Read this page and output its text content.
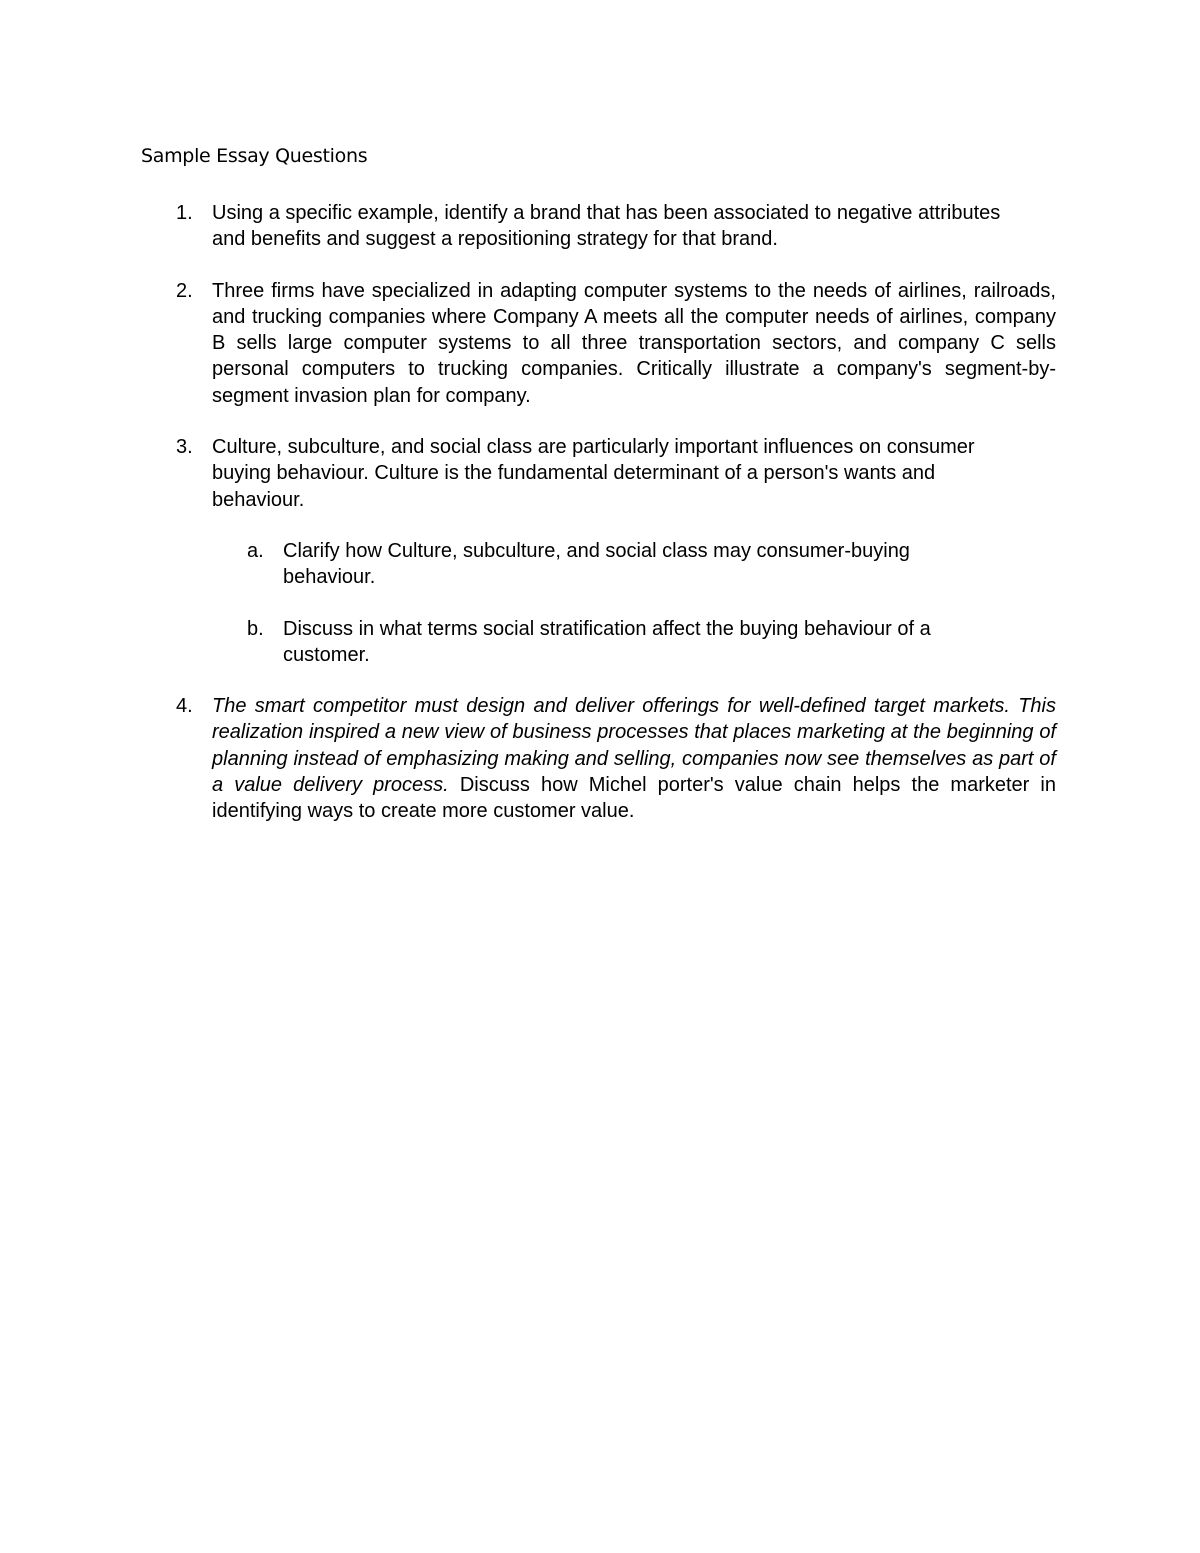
Sample Essay Questions
1. Using a specific example, identify a brand that has been associated to negative attributes and benefits and suggest a repositioning strategy for that brand.
2. Three firms have specialized in adapting computer systems to the needs of airlines, railroads, and trucking companies where Company A meets all the computer needs of airlines, company B sells large computer systems to all three transportation sectors, and company C sells personal computers to trucking companies. Critically illustrate a company's segment-by-segment invasion plan for company.
3. Culture, subculture, and social class are particularly important influences on consumer buying behaviour. Culture is the fundamental determinant of a person's wants and behaviour.
a. Clarify how Culture, subculture, and social class may consumer-buying behaviour.
b. Discuss in what terms social stratification affect the buying behaviour of a customer.
4. The smart competitor must design and deliver offerings for well-defined target markets. This realization inspired a new view of business processes that places marketing at the beginning of planning instead of emphasizing making and selling, companies now see themselves as part of a value delivery process. Discuss how Michel porter's value chain helps the marketer in identifying ways to create more customer value.
